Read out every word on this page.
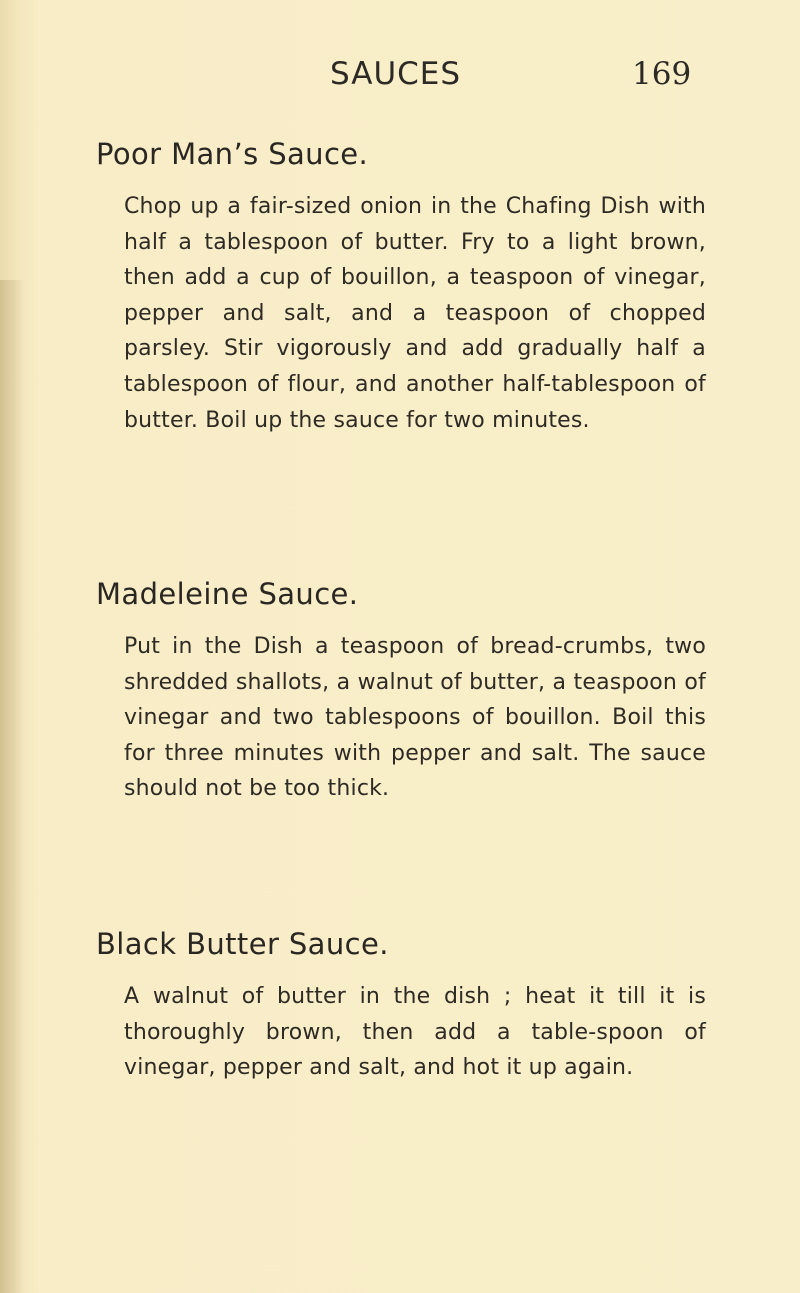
SAUCES	169
Poor Man’s Sauce.

Chop up a fair-sized onion in the Chafing Dish with half a tablespoon of butter. Fry to a light brown, then add a cup of bouillon, a teaspoon of vinegar, pepper and salt, and a teaspoon of chopped parsley. Stir vigorously and add gradually half a tablespoon of flour, and another half-tablespoon of butter. Boil up the sauce for two minutes.

Madeleine Sauce.

Put in the Dish a teaspoon of bread-crumbs, two shredded shallots, a walnut of butter, a teaspoon of vinegar and two tablespoons of bouillon. Boil this for three minutes with pepper and salt. The sauce should not be too thick.

Black Butter Sauce.

A walnut of butter in the dish ; heat it till it is thoroughly brown, then add a table-spoon of vinegar, pepper and salt, and hot it up again.
